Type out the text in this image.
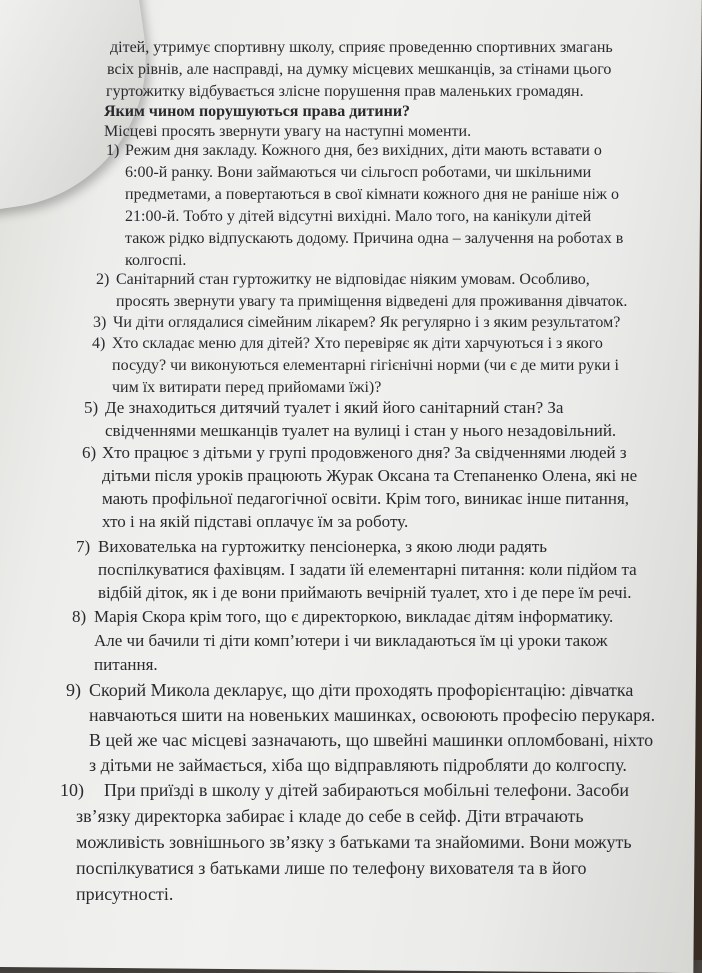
дітей, утримує спортивну школу, сприяє проведенню спортивних змагань
всіх рівнів, але насправді, на думку місцевих мешканців, за стінами цього
гуртожитку відбувається злісне порушення прав маленьких громадян.
Яким чином порушуються права дитини?
Місцеві просять звернути увагу на наступні моменти.
1) Режим дня закладу. Кожного дня, без вихідних, діти мають вставати о
6:00-й ранку. Вони займаються чи сільгосп роботами, чи шкільними
предметами, а повертаються в свої кімнати кожного дня не раніше ніж о
21:00-й. Тобто у дітей відсутні вихідні. Мало того, на канікули дітей
також рідко відпускають додому. Причина одна – залучення на роботах в
колгоспі.
2) Санітарний стан гуртожитку не відповідає ніяким умовам. Особливо,
просять звернути увагу та приміщення відведені для проживання дівчаток.
3) Чи діти оглядалися сімейним лікарем? Як регулярно і з яким результатом?
4) Хто складає меню для дітей? Хто перевіряє як діти харчуються і з якого
посуду? чи виконуються елементарні гігієнічні норми (чи є де мити руки і
чим їх витирати перед прийомами їжі)?
5) Де знаходиться дитячий туалет і який його санітарний стан? За
свідченнями мешканців туалет на вулиці і стан у нього незадовільний.
6) Хто працює з дітьми у групі продовженого дня? За свідченнями людей з
дітьми після уроків працюють Журак Оксана та Степаненко Олена, які не
мають профільної педагогічної освіти. Крім того, виникає інше питання,
хто і на якій підставі оплачує їм за роботу.
7) Вихователька на гуртожитку пенсіонерка, з якою люди радять
поспілкуватися фахівцям. І задати їй елементарні питання: коли підйом та
відбій діток, як і де вони приймають вечірній туалет, хто і де пере їм речі.
8) Марія Скора крім того, що є директоркою, викладає дітям інформатику.
Але чи бачили ті діти комп’ютери і чи викладаються їм ці уроки також
питання.
9) Скорий Микола декларує, що діти проходять профорієнтацію: дівчатка
навчаються шити на новеньких машинках, освоюють професію перукаря.
В цей же час місцеві зазначають, що швейні машинки опломбовані, ніхто
з дітьми не займається, хіба що відправляють підробляти до колгоспу.
10) При приїзді в школу у дітей забираються мобільні телефони. Засоби
зв’язку директорка забирає і кладе до себе в сейф. Діти втрачають
можливість зовнішнього зв’язку з батьками та знайомими. Вони можуть
поспілкуватися з батьками лише по телефону вихователя та в його
присутності.
